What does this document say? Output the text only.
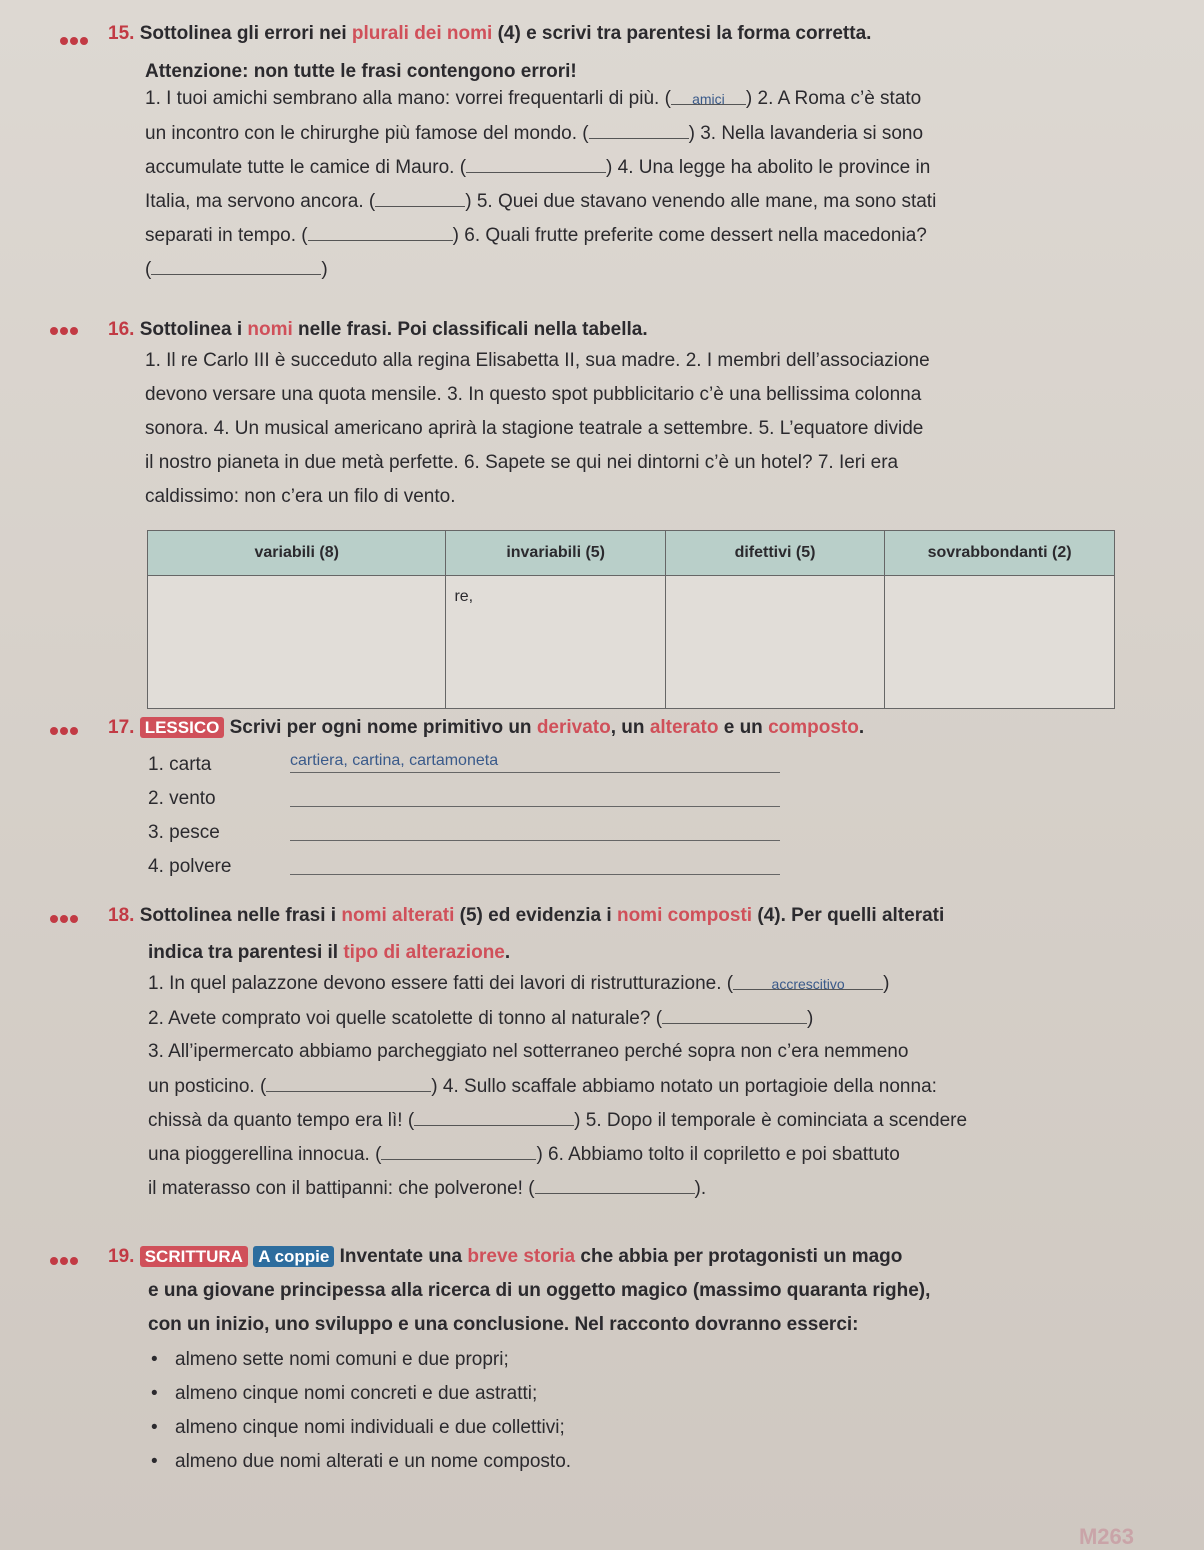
15. Sottolinea gli errori nei plurali dei nomi (4) e scrivi tra parentesi la forma corretta.
Attenzione: non tutte le frasi contengono errori!
1. I tuoi amichi sembrano alla mano: vorrei frequentarli di più. ( amici ) 2. A Roma c’è stato
un incontro con le chirurghe più famose del mondo. (	) 3. Nella lavanderia si sono
accumulate tutte le camice di Mauro. (	) 4. Una legge ha abolito le province in
Italia, ma servono ancora. (	) 5. Quei due stavano venendo alle mane, ma sono stati
separati in tempo. (	) 6. Quali frutte preferite come dessert nella macedonia?
(	)
16. Sottolinea i nomi nelle frasi. Poi classificali nella tabella.
1. Il re Carlo III è succeduto alla regina Elisabetta II, sua madre. 2. I membri dell’associazione
devono versare una quota mensile. 3. In questo spot pubblicitario c’è una bellissima colonna
sonora. 4. Un musical americano aprirà la stagione teatrale a settembre. 5. L’equatore divide
il nostro pianeta in due metà perfette. 6. Sapete se qui nei dintorni c’è un hotel? 7. Ieri era
caldissimo: non c’era un filo di vento.
variabili (8)	invariabili (5)	difettivi (5)	sovrabbondanti (2)
	re,		
17. LESSICO Scrivi per ogni nome primitivo un derivato, un alterato e un composto.
1. carta	cartiera, cartina, cartamoneta
2. vento
3. pesce
4. polvere
18. Sottolinea nelle frasi i nomi alterati (5) ed evidenzia i nomi composti (4). Per quelli alterati
indica tra parentesi il tipo di alterazione.
1. In quel palazzone devono essere fatti dei lavori di ristrutturazione. (	accrescitivo )
2. Avete comprato voi quelle scatolette di tonno al naturale? (	)
3. All’ipermercato abbiamo parcheggiato nel sotterraneo perché sopra non c’era nemmeno
un posticino. (	) 4. Sullo scaffale abbiamo notato un portagioie della nonna:
chissà da quanto tempo era lì! (	) 5. Dopo il temporale è cominciata a scendere
una pioggerellina innocua. (	) 6. Abbiamo tolto il copriletto e poi sbattuto
il materasso con il battipanni: che polverone! (	).
19. SCRITTURA A coppie Inventate una breve storia che abbia per protagonisti un mago
e una giovane principessa alla ricerca di un oggetto magico (massimo quaranta righe),
con un inizio, uno sviluppo e una conclusione. Nel racconto dovranno esserci:
• almeno sette nomi comuni e due propri;
• almeno cinque nomi concreti e due astratti;
• almeno cinque nomi individuali e due collettivi;
• almeno due nomi alterati e un nome composto.
M263
